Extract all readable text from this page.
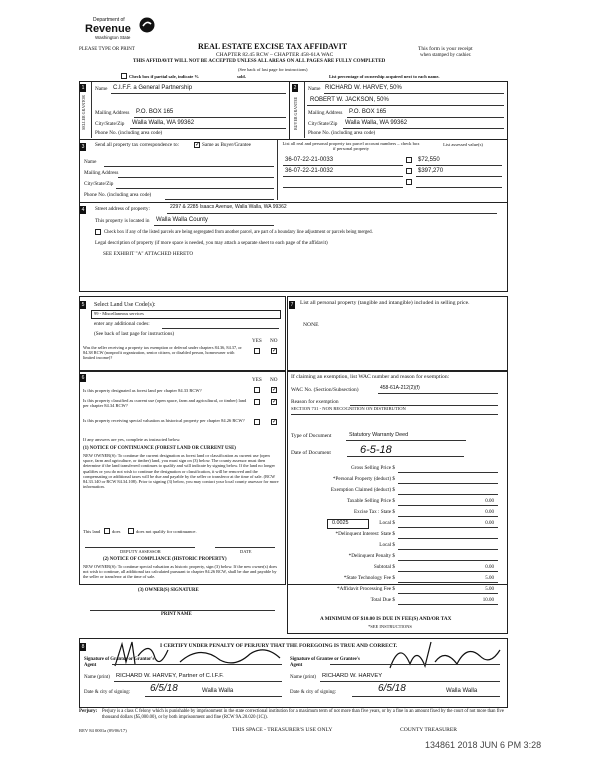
Department of
Revenue
Washington State
PLEASE TYPE OR PRINT	REAL ESTATE EXCISE TAX AFFIDAVIT
CHAPTER 82.45 RCW – CHAPTER 458-61A WAC
THIS AFFIDAVIT WILL NOT BE ACCEPTED UNLESS ALL AREAS ON ALL PAGES ARE FULLY COMPLETED
This form is your receipt
when stamped by cashier.
(See back of last page for instructions)
Check box if partial sale, indicate %	sold.	List percentage of ownership acquired next to each name.
1	2
SELLER GRANTOR	BUYER GRANTEE
Name C.I.F.F. a General Partnership
Mailing Address P.O. BOX 165
City/State/Zip Walla Walla, WA 99362
Phone No. (including area code)
Name RICHARD W. HARVEY, 50%
ROBERT W. JACKSON, 50%
Mailing Address P.O. BOX 165
City/State/Zip Walla Walla, WA 99362
Phone No. (including area code)
3	Send all property tax correspondence to:	✓ Same as Buyer/Grantee	List all real and personal property tax parcel account numbers – check box if personal property
List assessed value(s)
Name
Mailing Address
City/State/Zip
Phone No. (including area code)
36-07-22-21-0033	$72,550
36-07-22-21-0032	$397,270
4	Street address of property:	2297 & 2285 Isaacs Avenue, Walla Walla, WA 99362
This property is located in Walla Walla County
Check box if any of the listed parcels are being segregated from another parcel, are part of a boundary line adjustment or parcels being merged.
Legal description of property (if more space is needed, you may attach a separate sheet to each page of the affidavit)
SEE EXHIBIT "A" ATTACHED HERETO
5 Select Land Use Code(s):
99 - Miscellaneous services
enter any additional codes:
(See back of last page for instructions)
YES NO
Was the seller receiving a property tax exemption or deferral under chapters 84.36, 84.37, or 84.38 RCW (nonprofit organization, senior citizen, or disabled person, homeowner with limited income)?
✓
7 List all personal property (tangible and intangible) included in selling price.
NONE
6	YES NO
Is this property designated as forest land per chapter 84.33 RCW?	✓
Is this property classified as current use (open space, farm and agricultural, or timber) land per chapter 84.34 RCW?
✓
Is this property receiving special valuation as historical property per chapter 84.26 RCW?	✓
If any answers are yes, complete as instructed below.
(1) NOTICE OF CONTINUANCE (FOREST LAND OR CURRENT USE)
NEW OWNER(S): To continue the current designation as forest land or classification as current use (open space, farm and agriculture, or timber) land, you must sign on (3) below. The county assessor must then determine if the land transferred continues to qualify and will indicate by signing below. If the land no longer qualifies or you do not wish to continue the designation or classification, it will be removed and the compensating or additional taxes will be due and payable by the seller or transferor at the time of sale. (RCW 84.33.140 or RCW 84.34.108). Prior to signing (3) below, you may contact your local county assessor for more information.
This land	does	does not qualify for continuance.
DEPUTY ASSESSOR	DATE
(2) NOTICE OF COMPLIANCE (HISTORIC PROPERTY)
NEW OWNER(S): To continue special valuation as historic property, sign (3) below. If the new owner(s) does not wish to continue, all additional tax calculated pursuant to chapter 84.26 RCW, shall be due and payable by the seller or transferor at the time of sale.
(3) OWNER(S) SIGNATURE
PRINT NAME
If claiming an exemption, list WAC number and reason for exemption:
WAC No. (Section/Subsection)	458-61A-212(2)(f)
Reason for exemption
SECTION 731 - NON RECOGNITION ON DISTRIBUTION
Type of Document	Statutory Warranty Deed
Date of Document	6-5-18
Gross Selling Price $
*Personal Property (deduct) $
Exemption Claimed (deduct) $
Taxable Selling Price $	0.00
Excise Tax : State $	0.00
0.0025	Local $	0.00
*Delinquent Interest: State $
Local $
*Delinquent Penalty $
Subtotal $	0.00
*State Technology Fee $	5.00
*Affidavit Processing Fee $	5.00
Total Due $	10.00
A MINIMUM OF $10.00 IS DUE IN FEE(S) AND/OR TAX
*SEE INSTRUCTIONS
8	I CERTIFY UNDER PENALTY OF PERJURY THAT THE FOREGOING IS TRUE AND CORRECT.
Signature of Grantor or Grantor's Agent
Signature of Grantee or Grantee's Agent
Name (print) RICHARD W. HARVEY, Partner of C.I.F.F.	Name (print) RICHARD W. HARVEY
Date & city of signing: 6/5/18	Walla Walla	Date & city of signing:	6/5/18	Walla Walla
Perjury: Perjury is a class C felony which is punishable by imprisonment in the state correctional institution for a maximum term of not more than five years, or by a fine in an amount fixed by the court of not more than five thousand dollars ($5,000.00), or by both imprisonment and fine (RCW 9A.20.020 (1C)).
REV 84 0001a (09/06/17)	THIS SPACE - TREASURER'S USE ONLY	COUNTY TREASURER
134861 2018 JUN 6 PM 3:28
